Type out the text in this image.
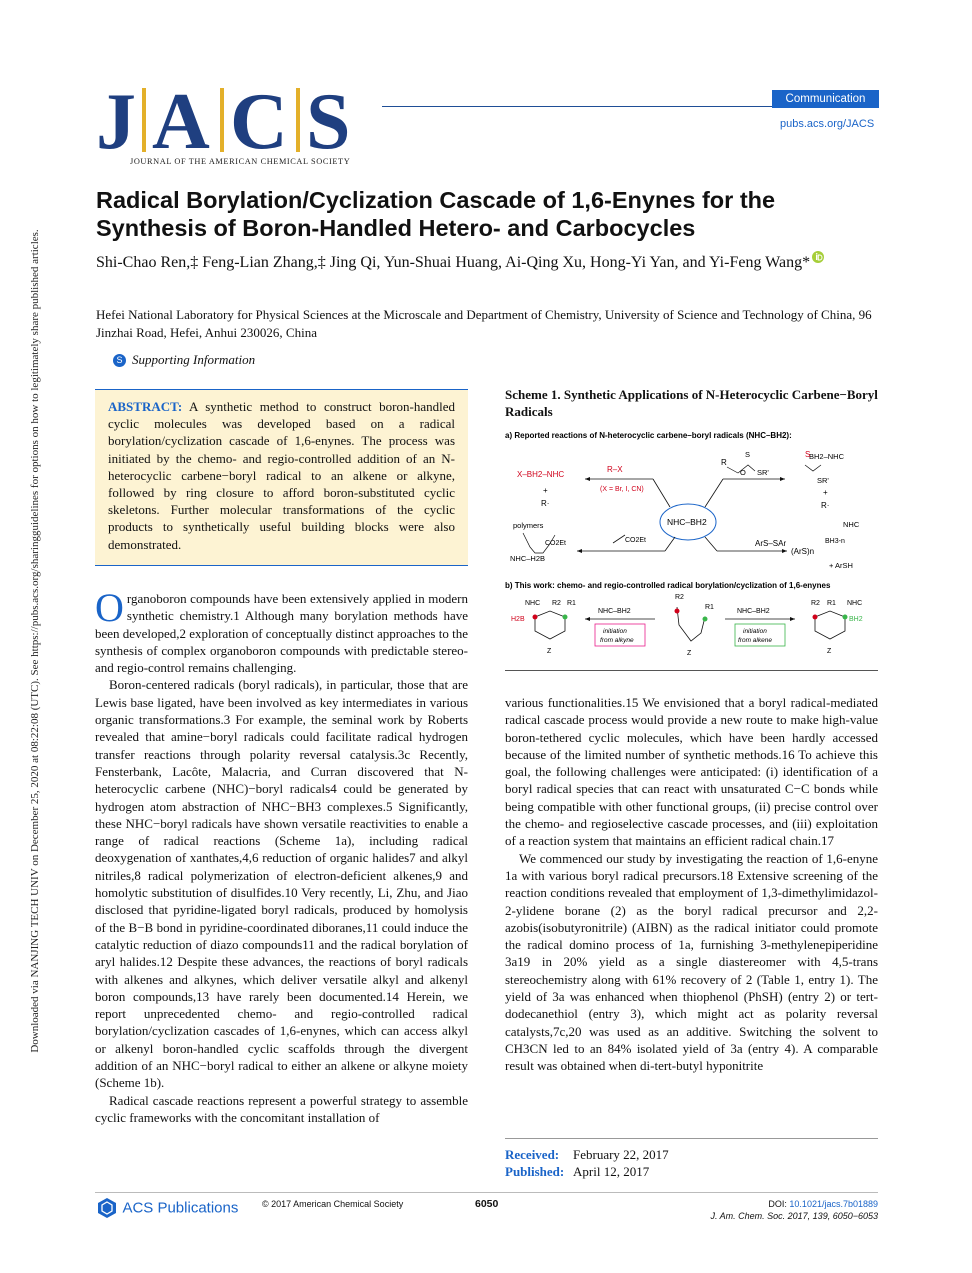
J A C S
JOURNAL OF THE AMERICAN CHEMICAL SOCIETY
Communication
pubs.acs.org/JACS
Radical Borylation/Cyclization Cascade of 1,6-Enynes for the Synthesis of Boron-Handled Hetero- and Carbocycles
Shi-Chao Ren,‡ Feng-Lian Zhang,‡ Jing Qi, Yun-Shuai Huang, Ai-Qing Xu, Hong-Yi Yan, and Yi-Feng Wang*
Hefei National Laboratory for Physical Sciences at the Microscale and Department of Chemistry, University of Science and Technology of China, 96 Jinzhai Road, Hefei, Anhui 230026, China
S Supporting Information
ABSTRACT: A synthetic method to construct boron-handled cyclic molecules was developed based on a radical borylation/cyclization cascade of 1,6-enynes. The process was initiated by the chemo- and regio-controlled addition of an N-heterocyclic carbene−boryl radical to an alkene or alkyne, followed by ring closure to afford boron-substituted cyclic skeletons. Further molecular transformations of the cyclic products to synthetically useful building blocks were also demonstrated.
Downloaded via NANJING TECH UNIV on December 25, 2020 at 08:22:08 (UTC). See https://pubs.acs.org/sharingguidelines for options on how to legitimately share published articles.	Scheme 1. Synthetic Applications of N-Heterocyclic Carbene−Boryl Radicals
a) Reported reactions of N-heterocyclic carbene–boryl radicals (NHC–BH2):
NHC–BH2
X–BH2–NHC
R–X
(X = Br, I, CN)
+
R·
polymers
CO2Et
NHC–H2B
CO2Et
R
O
S
SR'
BH2–NHC
S
SR'
+
R·
ArS–SAr
NHC
(ArS)n
BH3-n
+ ArSH
b) This work: chemo- and regio-controlled radical borylation/cyclization of 1,6-enynes
NHC R2 R1
H2B
Z
NHC–BH2
initiation
from alkyne
R2
R1
Z
NHC–BH2
initiation
from alkene
R2 R1 NHC
BH2
Z

Organoboron compounds have been extensively applied in modern synthetic chemistry.1 Although many borylation methods have been developed,2 exploration of conceptually distinct approaches to the synthesis of complex organoboron compounds with predictable stereo- and regio-control remains challenging.

Boron-centered radicals (boryl radicals), in particular, those that are Lewis base ligated, have been involved as key intermediates in various organic transformations.3 For example, the seminal work by Roberts revealed that amine−boryl radicals could facilitate radical hydrogen transfer reactions through polarity reversal catalysis.3c Recently, Fensterbank, Lacôte, Malacria, and Curran discovered that N-heterocyclic carbene (NHC)−boryl radicals4 could be generated by hydrogen atom abstraction of NHC−BH3 complexes.5 Significantly, these NHC−boryl radicals have shown versatile reactivities to enable a range of radical reactions (Scheme 1a), including radical deoxygenation of xanthates,4,6 reduction of organic halides7 and alkyl nitriles,8 radical polymerization of electron-deficient alkenes,9 and homolytic substitution of disulfides.10 Very recently, Li, Zhu, and Jiao disclosed that pyridine-ligated boryl radicals, produced by homolysis of the B−B bond in pyridine-coordinated diboranes,11 could induce the catalytic reduction of diazo compounds11 and the radical borylation of aryl halides.12 Despite these advances, the reactions of boryl radicals with alkenes and alkynes, which deliver versatile alkyl and alkenyl boron compounds,13 have rarely been documented.14 Herein, we report unprecedented chemo- and regio-controlled radical borylation/cyclization cascades of 1,6-enynes, which can access alkyl or alkenyl boron-handled cyclic scaffolds through the divergent addition of an NHC−boryl radical to either an alkene or alkyne moiety (Scheme 1b).

Radical cascade reactions represent a powerful strategy to assemble cyclic frameworks with the concomitant installation of

various functionalities.15 We envisioned that a boryl radical-mediated radical cascade process would provide a new route to make high-value boron-tethered cyclic molecules, which have been hardly accessed because of the limited number of synthetic methods.16 To achieve this goal, the following challenges were anticipated: (i) identification of a boryl radical species that can react with unsaturated C−C bonds while being compatible with other functional groups, (ii) precise control over the chemo- and regioselective cascade processes, and (iii) exploitation of a reaction system that maintains an efficient radical chain.17

We commenced our study by investigating the reaction of 1,6-enyne 1a with various boryl radical precursors.18 Extensive screening of the reaction conditions revealed that employment of 1,3-dimethylimidazol-2-ylidene borane (2) as the boryl radical precursor and 2,2-azobis(isobutyronitrile) (AIBN) as the radical initiator could promote the radical domino process of 1a, furnishing 3-methylenepiperidine 3a19 in 20% yield as a single diastereomer with 4,5-trans stereochemistry along with 61% recovery of 2 (Table 1, entry 1). The yield of 3a was enhanced when thiophenol (PhSH) (entry 2) or tert-dodecanethiol (entry 3), which might act as polarity reversal catalysts,7c,20 was used as an additive. Switching the solvent to CH3CN led to an 84% isolated yield of 3a (entry 4). A comparable result was obtained when di-tert-butyl hyponitrite

Received: February 22, 2017
Published: April 12, 2017
ACS Publications	© 2017 American Chemical Society	6050	DOI: 10.1021/jacs.7b01889
J. Am. Chem. Soc. 2017, 139, 6050−6053
